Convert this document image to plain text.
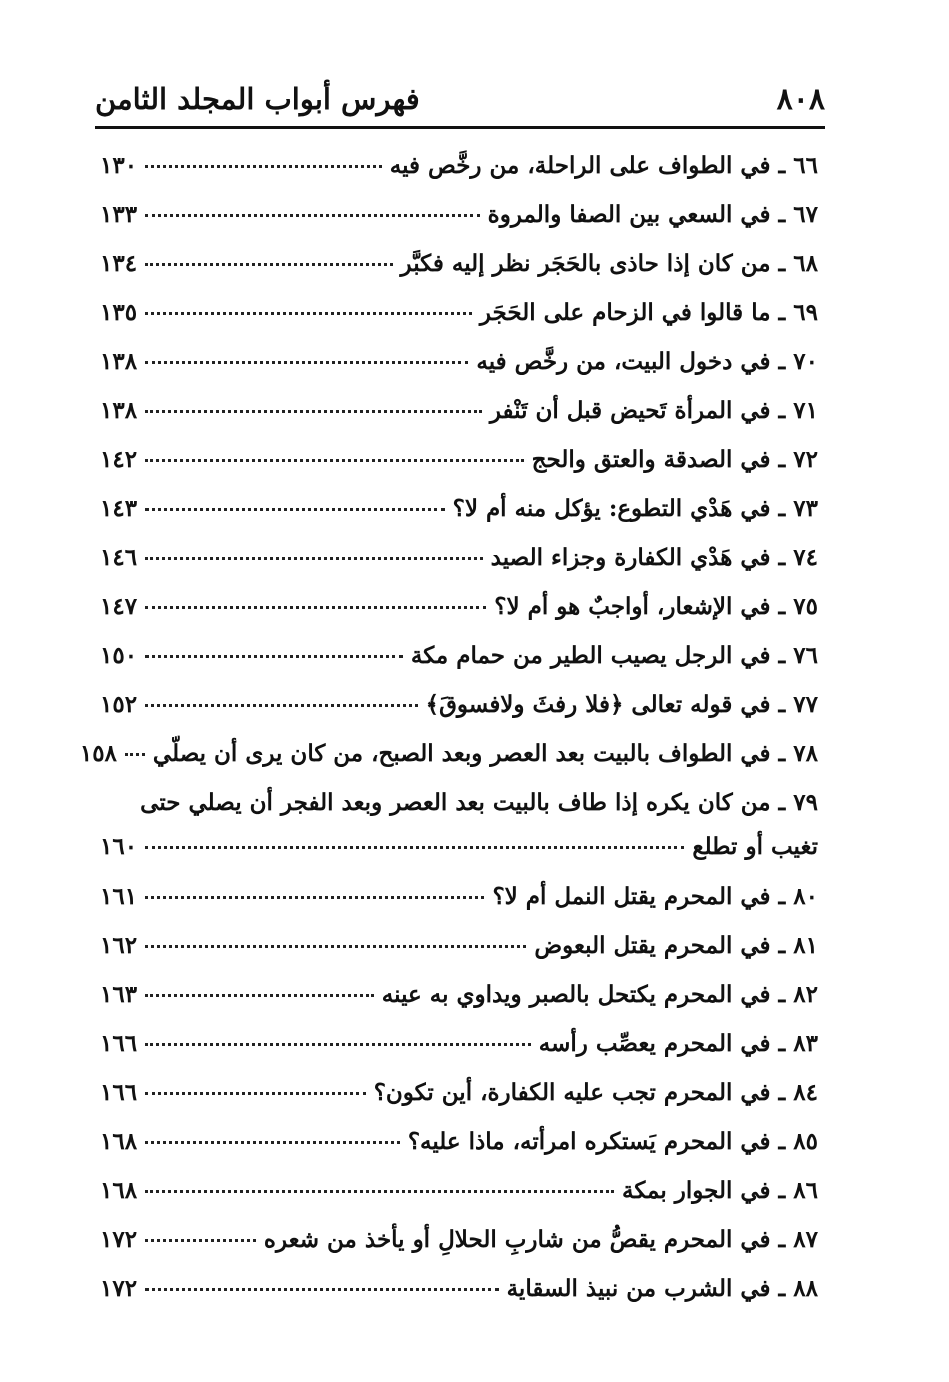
٨٠٨
فهرس أبواب المجلد الثامن
٦٦ ـ في الطواف على الراحلة، من رخَّص فيه
١٣٠
٦٧ ـ في السعي بين الصفا والمروة
١٣٣
٦٨ ـ من كان إذا حاذى بالحَجَر نظر إليه فكبَّر
١٣٤
٦٩ ـ ما قالوا في الزحام على الحَجَر
١٣٥
٧٠ ـ في دخول البيت، من رخَّص فيه
١٣٨
٧١ ـ في المرأة تَحيض قبل أن تَنْفر
١٣٨
٧٢ ـ في الصدقة والعتق والحج
١٤٢
٧٣ ـ في هَدْي التطوع: يؤكل منه أم لا؟
١٤٣
٧٤ ـ في هَدْي الكفارة وجزاء الصيد
١٤٦
٧٥ ـ في الإشعار، أواجبٌ هو أم لا؟
١٤٧
٧٦ ـ في الرجل يصيب الطير من حمام مكة
١٥٠
٧٧ ـ في قوله تعالى ﴿فلا رفثَ ولافسوقَ﴾
١٥٢
٧٨ ـ في الطواف بالبيت بعد العصر وبعد الصبح، من كان يرى أن يصلّي
١٥٨
٧٩ ـ من كان يكره إذا طاف بالبيت بعد العصر وبعد الفجر أن يصلي حتى
تغيب أو تطلع
١٦٠
٨٠ ـ في المحرم يقتل النمل أم لا؟
١٦١
٨١ ـ في المحرم يقتل البعوض
١٦٢
٨٢ ـ في المحرم يكتحل بالصبر ويداوي به عينه
١٦٣
٨٣ ـ في المحرم يعصِّب رأسه
١٦٦
٨٤ ـ في المحرم تجب عليه الكفارة، أين تكون؟
١٦٦
٨٥ ـ في المحرم يَستكره امرأته، ماذا عليه؟
١٦٨
٨٦ ـ في الجوار بمكة
١٦٨
٨٧ ـ في المحرم يقصُّ من شاربِ الحلالِ أو يأخذ من شعره
١٧٢
٨٨ ـ في الشرب من نبيذ السقاية
١٧٢
